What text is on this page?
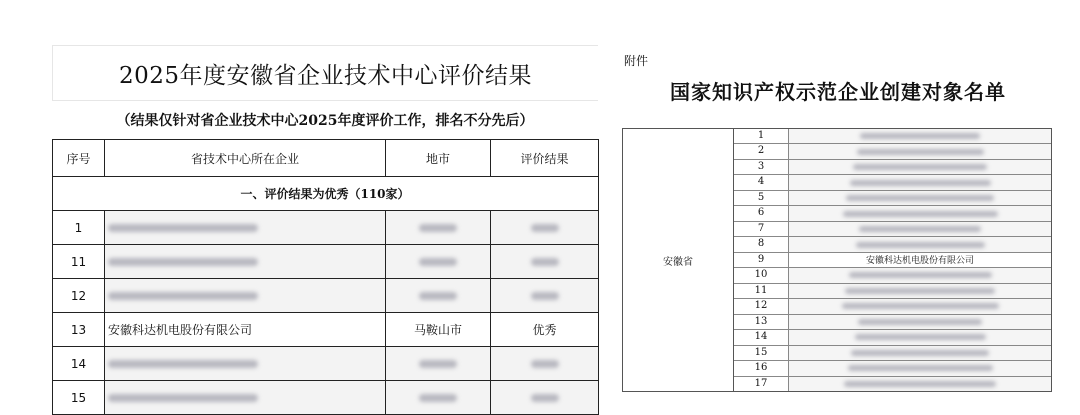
2025年度安徽省企业技术中心评价结果
（结果仅针对省企业技术中心2025年度评价工作，排名不分先后）
序号	省技术中心所在企业	地市	评价结果
一、评价结果为优秀（110家）			
1			
11			
12			
13	安徽科达机电股份有限公司	马鞍山市	优秀
14			
15			
附件
国家知识产权示范企业创建对象名单
安徽省
1
2
3
4
5
6
7
8
9	安徽科达机电股份有限公司
10
11
12
13
14
15
16
17
